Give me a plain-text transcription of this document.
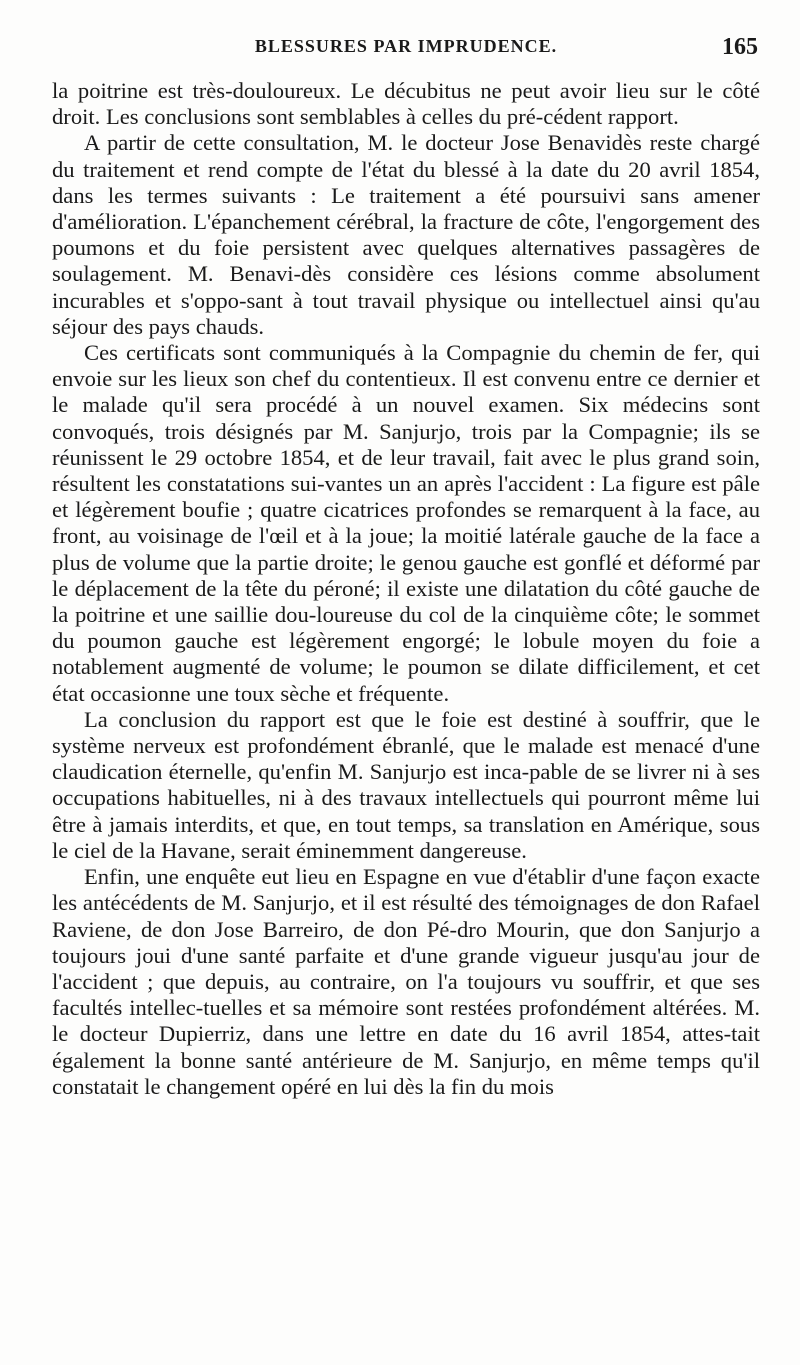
BLESSURES PAR IMPRUDENCE.	165

la poitrine est très-douloureux. Le décubitus ne peut avoir lieu sur le côté droit. Les conclusions sont semblables à celles du pré-cédent rapport.

A partir de cette consultation, M. le docteur Jose Benavidès reste chargé du traitement et rend compte de l'état du blessé à la date du 20 avril 1854, dans les termes suivants : Le traitement a été poursuivi sans amener d'amélioration. L'épanchement cérébral, la fracture de côte, l'engorgement des poumons et du foie persistent avec quelques alternatives passagères de soulagement. M. Benavi-dès considère ces lésions comme absolument incurables et s'oppo-sant à tout travail physique ou intellectuel ainsi qu'au séjour des pays chauds.

Ces certificats sont communiqués à la Compagnie du chemin de fer, qui envoie sur les lieux son chef du contentieux. Il est convenu entre ce dernier et le malade qu'il sera procédé à un nouvel examen. Six médecins sont convoqués, trois désignés par M. Sanjurjo, trois par la Compagnie; ils se réunissent le 29 octobre 1854, et de leur travail, fait avec le plus grand soin, résultent les constatations sui-vantes un an après l'accident : La figure est pâle et légèrement boufie ; quatre cicatrices profondes se remarquent à la face, au front, au voisinage de l'œil et à la joue; la moitié latérale gauche de la face a plus de volume que la partie droite; le genou gauche est gonflé et déformé par le déplacement de la tête du péroné; il existe une dilatation du côté gauche de la poitrine et une saillie dou-loureuse du col de la cinquième côte; le sommet du poumon gauche est légèrement engorgé; le lobule moyen du foie a notablement augmenté de volume; le poumon se dilate difficilement, et cet état occasionne une toux sèche et fréquente.

La conclusion du rapport est que le foie est destiné à souffrir, que le système nerveux est profondément ébranlé, que le malade est menacé d'une claudication éternelle, qu'enfin M. Sanjurjo est inca-pable de se livrer ni à ses occupations habituelles, ni à des travaux intellectuels qui pourront même lui être à jamais interdits, et que, en tout temps, sa translation en Amérique, sous le ciel de la Havane, serait éminemment dangereuse.

Enfin, une enquête eut lieu en Espagne en vue d'établir d'une façon exacte les antécédents de M. Sanjurjo, et il est résulté des témoignages de don Rafael Raviene, de don Jose Barreiro, de don Pé-dro Mourin, que don Sanjurjo a toujours joui d'une santé parfaite et d'une grande vigueur jusqu'au jour de l'accident ; que depuis, au contraire, on l'a toujours vu souffrir, et que ses facultés intellec-tuelles et sa mémoire sont restées profondément altérées. M. le docteur Dupierriz, dans une lettre en date du 16 avril 1854, attes-tait également la bonne santé antérieure de M. Sanjurjo, en même temps qu'il constatait le changement opéré en lui dès la fin du mois
